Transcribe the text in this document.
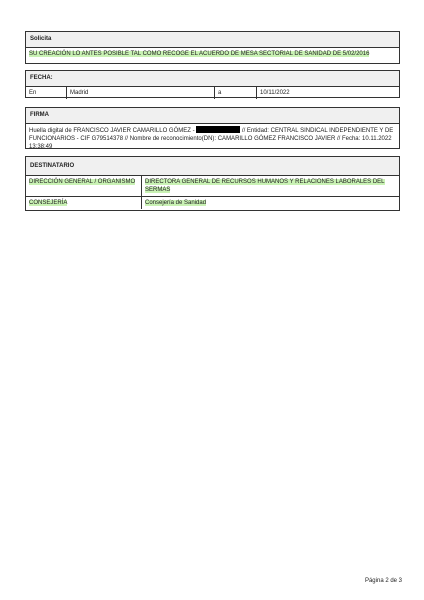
Solicita
SU CREACIÓN LO ANTES POSIBLE TAL COMO RECOGE EL ACUERDO DE MESA SECTORIAL DE SANIDAD DE 5/02/2016
FECHA:
En	Madrid	a	10/11/2022
FIRMA
Huella digital de FRANCISCO JAVIER CAMARILLO GÓMEZ -	// Entidad: CENTRAL SINDICAL INDEPENDIENTE Y DE FUNCIONARIOS - CIF G79514378 // Nombre de reconocimiento(DN): CAMARILLO GÓMEZ FRANCISCO JAVIER // Fecha: 10.11.2022 13:38:49
DESTINATARIO
DIRECCIÓN GENERAL / ORGANISMO	DIRECTORA GENERAL DE RECURSOS HUMANOS Y RELACIONES LABORALES DEL SERMAS
CONSEJERÍA	Consejería de Sanidad
Página 2 de 3
